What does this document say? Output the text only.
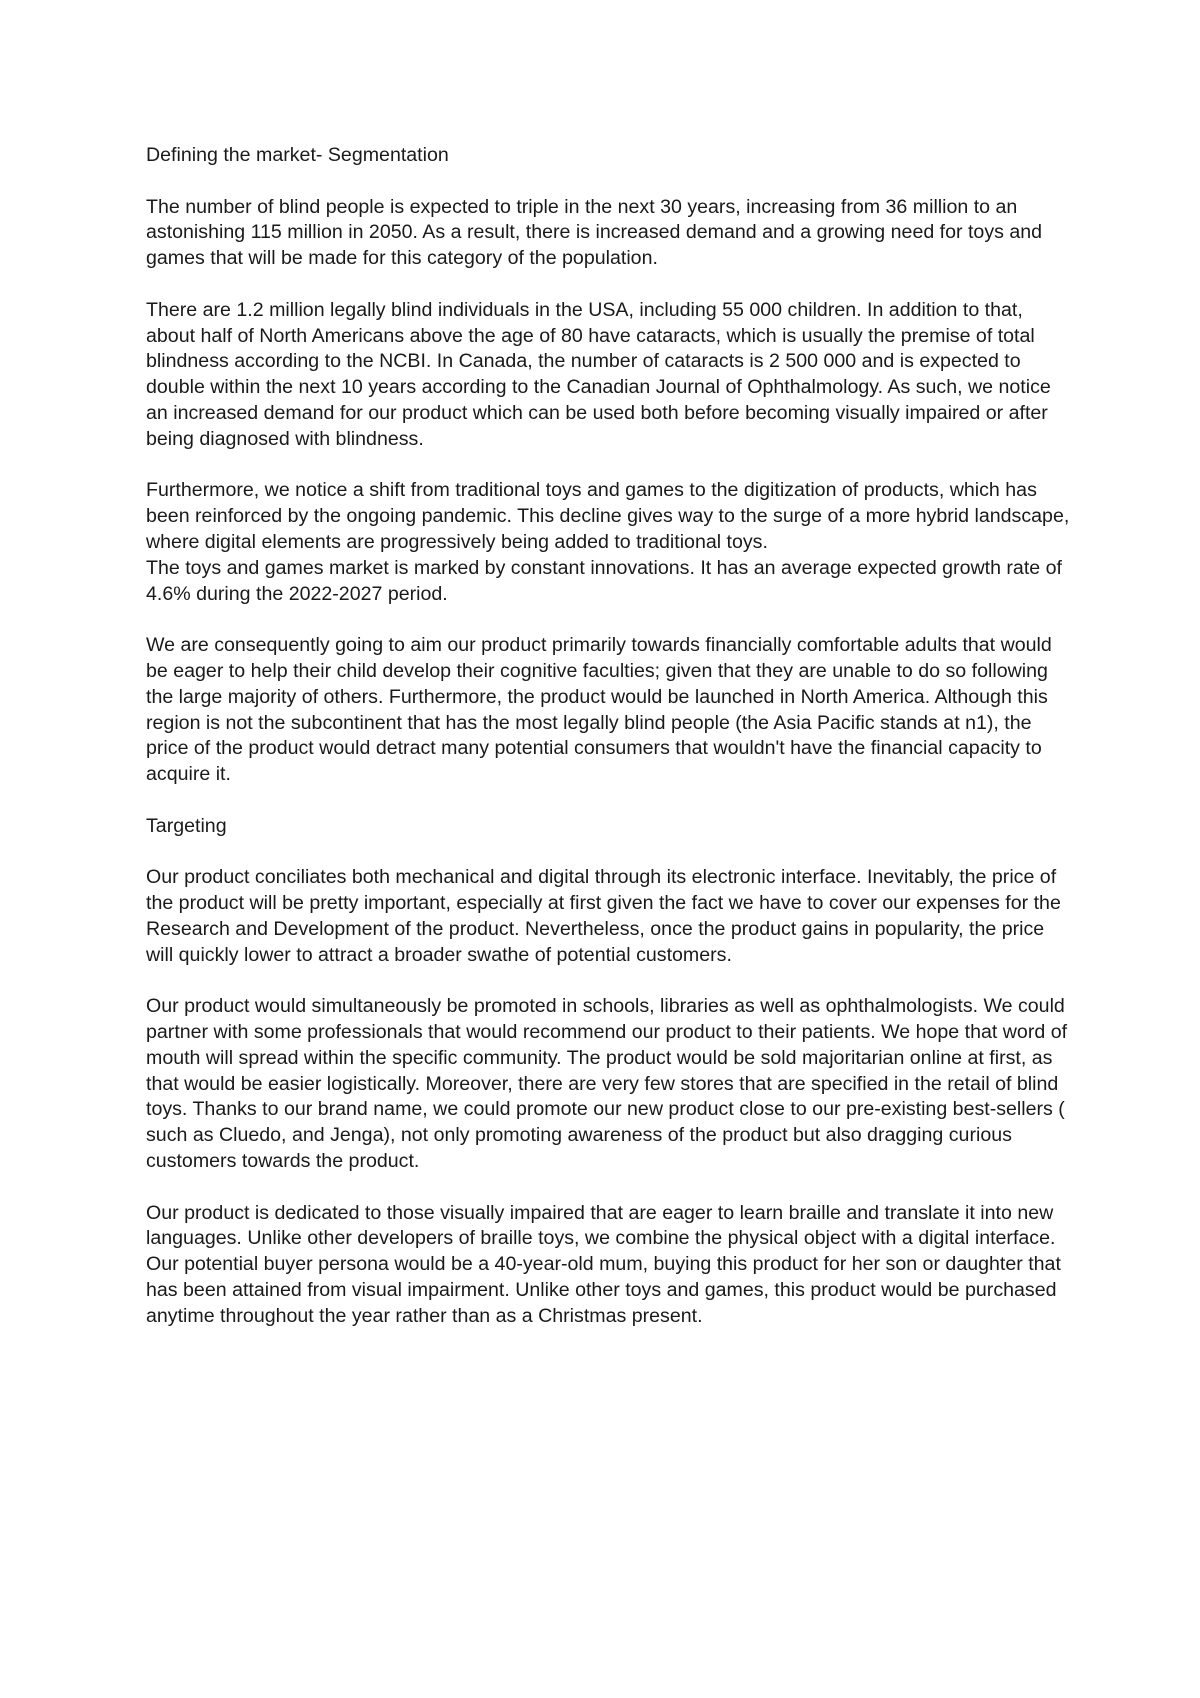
Defining the market- Segmentation

The number of blind people is expected to triple in the next 30 years, increasing from 36 million to an astonishing 115 million in 2050. As a result, there is increased demand and a growing need for toys and games that will be made for this category of the population.

There are 1.2 million legally blind individuals in the USA, including 55 000 children. In addition to that, about half of North Americans above the age of 80 have cataracts, which is usually the premise of total blindness according to the NCBI. In Canada, the number of cataracts is 2 500 000 and is expected to double within the next 10 years according to the Canadian Journal of Ophthalmology. As such, we notice an increased demand for our product which can be used both before becoming visually impaired or after being diagnosed with blindness.

Furthermore, we notice a shift from traditional toys and games to the digitization of products, which has been reinforced by the ongoing pandemic. This decline gives way to the surge of a more hybrid landscape, where digital elements are progressively being added to traditional toys.

The toys and games market is marked by constant innovations. It has an average expected growth rate of 4.6% during the 2022-2027 period.

We are consequently going to aim our product primarily towards financially comfortable adults that would be eager to help their child develop their cognitive faculties; given that they are unable to do so following the large majority of others. Furthermore, the product would be launched in North America. Although this region is not the subcontinent that has the most legally blind people (the Asia Pacific stands at n1), the price of the product would detract many potential consumers that wouldn't have the financial capacity to acquire it.

Targeting

Our product conciliates both mechanical and digital through its electronic interface. Inevitably, the price of the product will be pretty important, especially at first given the fact we have to cover our expenses for the Research and Development of the product. Nevertheless, once the product gains in popularity, the price will quickly lower to attract a broader swathe of potential customers.

Our product would simultaneously be promoted in schools, libraries as well as ophthalmologists. We could partner with some professionals that would recommend our product to their patients. We hope that word of mouth will spread within the specific community. The product would be sold majoritarian online at first, as that would be easier logistically. Moreover, there are very few stores that are specified in the retail of blind toys. Thanks to our brand name, we could promote our new product close to our pre-existing best-sellers ( such as Cluedo, and Jenga), not only promoting awareness of the product but also dragging curious customers towards the product.

Our product is dedicated to those visually impaired that are eager to learn braille and translate it into new languages. Unlike other developers of braille toys, we combine the physical object with a digital interface. Our potential buyer persona would be a 40-year-old mum, buying this product for her son or daughter that has been attained from visual impairment. Unlike other toys and games, this product would be purchased anytime throughout the year rather than as a Christmas present.
